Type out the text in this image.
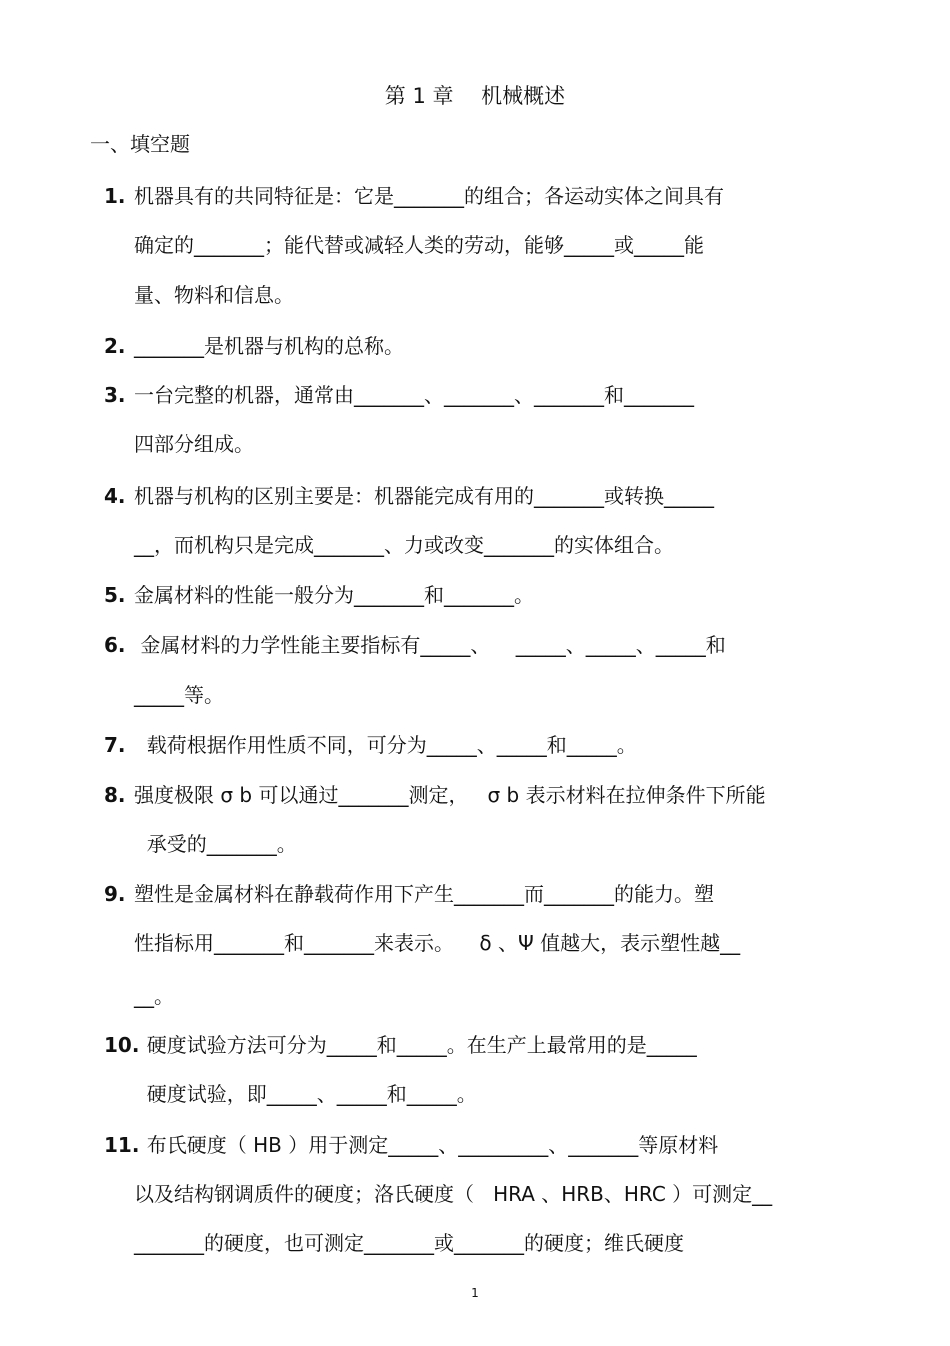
第 1 章　 机械概述
一、填空题
1. 机器具有的共同特征是：它是_______的组合；各运动实体之间具有
确定的_______；能代替或减轻人类的劳动，能够_____或_____能
量、物料和信息。
2. _______是机器与机构的总称。
3. 一台完整的机器，通常由_______、_______、_______和_______
四部分组成。
4. 机器与机构的区别主要是：机器能完成有用的_______或转换_____
__，而机构只是完成_______、力或改变_______的实体组合。
5. 金属材料的性能一般分为_______和_______。
6. 金属材料的力学性能主要指标有_____、    _____、_____、_____和
_____等。
7.  载荷根据作用性质不同，可分为_____、_____和_____。
8. 强度极限 σ b 可以通过_______测定，   σ b 表示材料在拉伸条件下所能
承受的_______。
9. 塑性是金属材料在静载荷作用下产生_______而_______的能力。塑
性指标用_______和_______来表示。    δ 、Ψ 值越大，表示塑性越__
__。
10.  硬度试验方法可分为_____和_____。在生产上最常用的是_____
硬度试验，即_____、_____和_____。
11.  布氏硬度（ HB ）用于测定_____、_________、_______等原材料
以及结构钢调质件的硬度；洛氏硬度（   HRA 、HRB、HRC ）可测定__
_______的硬度，也可测定_______或_______的硬度；维氏硬度
1
